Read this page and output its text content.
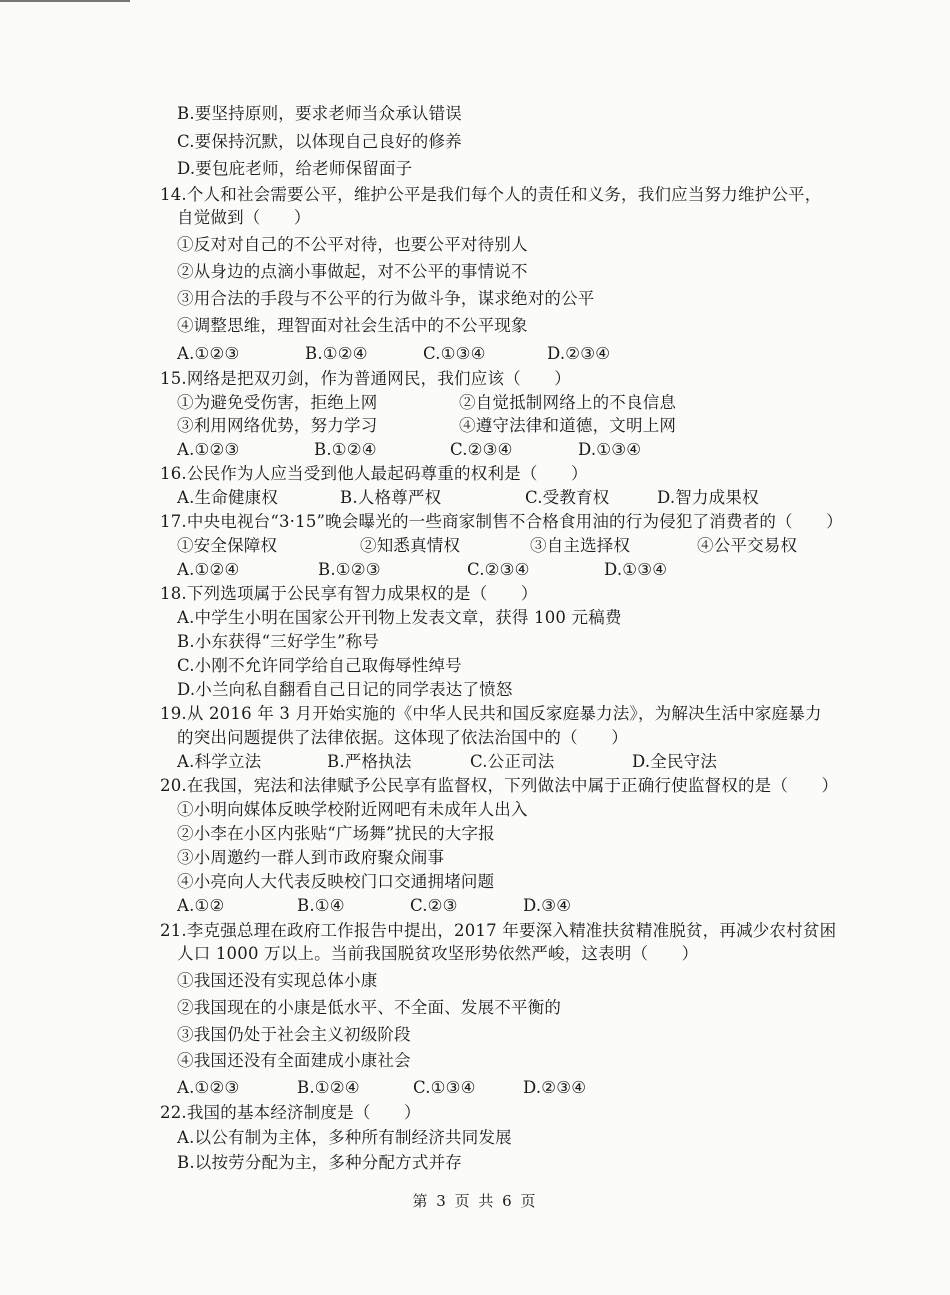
B.要坚持原则，要求老师当众承认错误
C.要保持沉默，以体现自己良好的修养
D.要包庇老师，给老师保留面子
14.个人和社会需要公平，维护公平是我们每个人的责任和义务，我们应当努力维护公平，
自觉做到（　　）
①反对对自己的不公平对待，也要公平对待别人
②从身边的点滴小事做起，对不公平的事情说不
③用合法的手段与不公平的行为做斗争，谋求绝对的公平
④调整思维，理智面对社会生活中的不公平现象
A.①②③	B.①②④	C.①③④	D.②③④
15.网络是把双刃剑，作为普通网民，我们应该（　　）
①为避免受伤害，拒绝上网	②自觉抵制网络上的不良信息
③利用网络优势，努力学习	④遵守法律和道德，文明上网
A.①②③	B.①②④	C.②③④	D.①③④
16.公民作为人应当受到他人最起码尊重的权利是（　　）
A.生命健康权	B.人格尊严权	C.受教育权	D.智力成果权
17.中央电视台“3·15”晚会曝光的一些商家制售不合格食用油的行为侵犯了消费者的（　　）
①安全保障权	②知悉真情权	③自主选择权	④公平交易权
A.①②④	B.①②③	C.②③④	D.①③④
18.下列选项属于公民享有智力成果权的是（　　）
A.中学生小明在国家公开刊物上发表文章，获得 100 元稿费
B.小东获得“三好学生”称号
C.小刚不允许同学给自己取侮辱性绰号
D.小兰向私自翻看自己日记的同学表达了愤怒
19.从 2016 年 3 月开始实施的《中华人民共和国反家庭暴力法》，为解决生活中家庭暴力
的突出问题提供了法律依据。这体现了依法治国中的（　　）
A.科学立法	B.严格执法	C.公正司法	D.全民守法
20.在我国，宪法和法律赋予公民享有监督权，下列做法中属于正确行使监督权的是（　　）
①小明向媒体反映学校附近网吧有未成年人出入
②小李在小区内张贴“广场舞”扰民的大字报
③小周邀约一群人到市政府聚众闹事
④小亮向人大代表反映校门口交通拥堵问题
A.①②	B.①④	C.②③	D.③④
21.李克强总理在政府工作报告中提出，2017 年要深入精准扶贫精准脱贫，再减少农村贫困
人口 1000 万以上。当前我国脱贫攻坚形势依然严峻，这表明（　　）
①我国还没有实现总体小康
②我国现在的小康是低水平、不全面、发展不平衡的
③我国仍处于社会主义初级阶段
④我国还没有全面建成小康社会
A.①②③	B.①②④	C.①③④	D.②③④
22.我国的基本经济制度是（　　）
A.以公有制为主体，多种所有制经济共同发展
B.以按劳分配为主，多种分配方式并存
第 3 页 共 6 页
